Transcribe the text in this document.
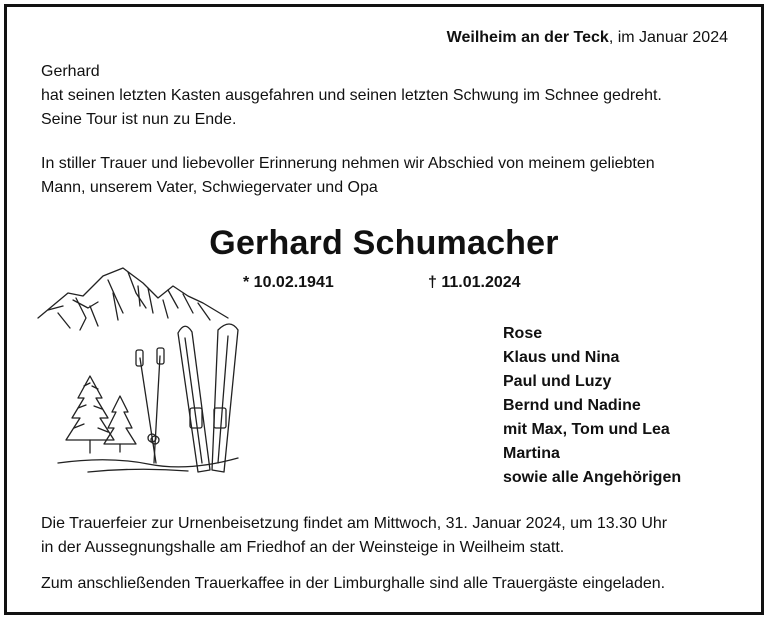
Weilheim an der Teck, im Januar 2024
Gerhard
hat seinen letzten Kasten ausgefahren und seinen letzten Schwung im Schnee gedreht.
Seine Tour ist nun zu Ende.
In stiller Trauer und liebevoller Erinnerung nehmen wir Abschied von meinem geliebten
Mann, unserem Vater, Schwiegervater und Opa
Gerhard Schumacher
* 10.02.1941	† 11.01.2024
Rose
Klaus und Nina
Paul und Luzy
Bernd und Nadine
mit Max, Tom und Lea
Martina
sowie alle Angehörigen
Die Trauerfeier zur Urnenbeisetzung findet am Mittwoch, 31. Januar 2024, um 13.30 Uhr
in der Aussegnungshalle am Friedhof an der Weinsteige in Weilheim statt.
Zum anschließenden Trauerkaffee in der Limburghalle sind alle Trauergäste eingeladen.
